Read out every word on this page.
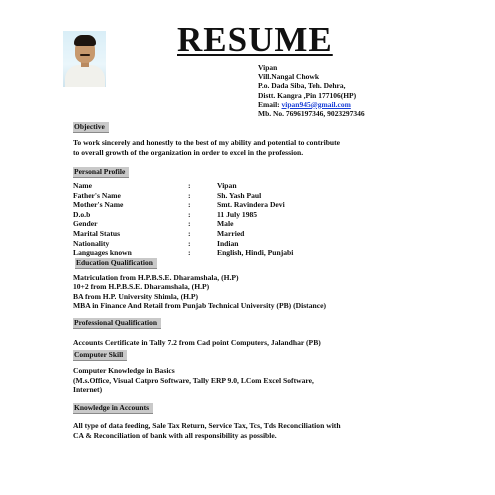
RESUME
Vipan
Vill.Nangal Chowk
P.o. Dada Siba, Teh. Dehra,
Distt. Kangra ,Pin 177106(HP)
Email: vipan945@gmail.com
Mb. No. 7696197346, 9023297346
Objective
To work sincerely and honestly to the best of my ability and potential to contribute
to overall growth of the organization in order to excel in the profession.
Personal Profile
Name	:	Vipan
Father's Name	:	Sh. Yash Paul
Mother's Name	:	Smt. Ravindera Devi
D.o.b	:	11 July 1985
Gender	:	Male
Marital Status	:	Married
Nationality	:	Indian
Languages known	:	English, Hindi, Punjabi
Education Qualification
Matriculation from H.P.B.S.E. Dharamshala, (H.P)
10+2 from H.P.B.S.E. Dharamshala, (H.P)
BA from H.P. University Shimla, (H.P)
MBA in Finance And Retail from Punjab Technical University (PB) (Distance)
Professional Qualification
Accounts Certificate in Tally 7.2 from Cad point Computers, Jalandhar (PB)
Computer Skill
Computer Knowledge in Basics
(M.s.Office, Visual Catpro Software, Tally ERP 9.0, LCom Excel Software,
Internet)
Knowledge in Accounts
All type of data feeding, Sale Tax Return, Service Tax, Tcs, Tds Reconciliation with
CA & Reconciliation of bank with all responsibility as possible.
